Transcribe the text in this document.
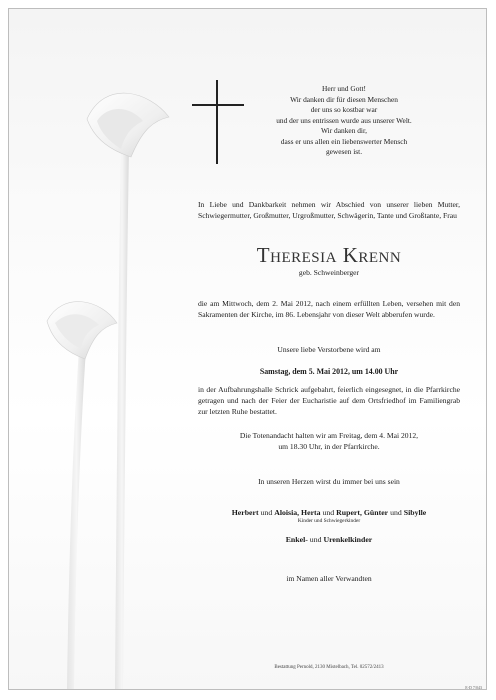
Herr und Gott!
Wir danken dir für diesen Menschen
der uns so kostbar war
und der uns entrissen wurde aus unserer Welt.
Wir danken dir,
dass er uns allen ein liebenswerter Mensch
gewesen ist.
In Liebe und Dankbarkeit nehmen wir Abschied von unserer lieben Mutter, Schwiegermutter, Großmutter, Urgroßmutter, Schwägerin, Tante und Großtante, Frau
Theresia Krenn
geb. Schweinberger
die am Mittwoch, dem 2. Mai 2012, nach einem erfüllten Leben, versehen mit den Sakramenten der Kirche, im 86. Lebensjahr von dieser Welt abberufen wurde.
Unsere liebe Verstorbene wird am
Samstag, dem 5. Mai 2012, um 14.00 Uhr
in der Aufbahrungshalle Schrick aufgebahrt, feierlich eingesegnet, in die Pfarrkirche getragen und nach der Feier der Eucharistie auf dem Ortsfriedhof im Familiengrab zur letzten Ruhe bestattet.
Die Totenandacht halten wir am Freitag, dem 4. Mai 2012,
um 18.30 Uhr, in der Pfarrkirche.
In unseren Herzen wirst du immer bei uns sein
Herbert und Aloisia, Herta und Rupert, Günter und Sibylle
Kinder und Schwiegerkinder
Enkel- und Urenkelkinder
im Namen aller Verwandten
Bestattung Pernold, 2130 Mistelbach, Tel. 02572/2413
E-D 7/043
